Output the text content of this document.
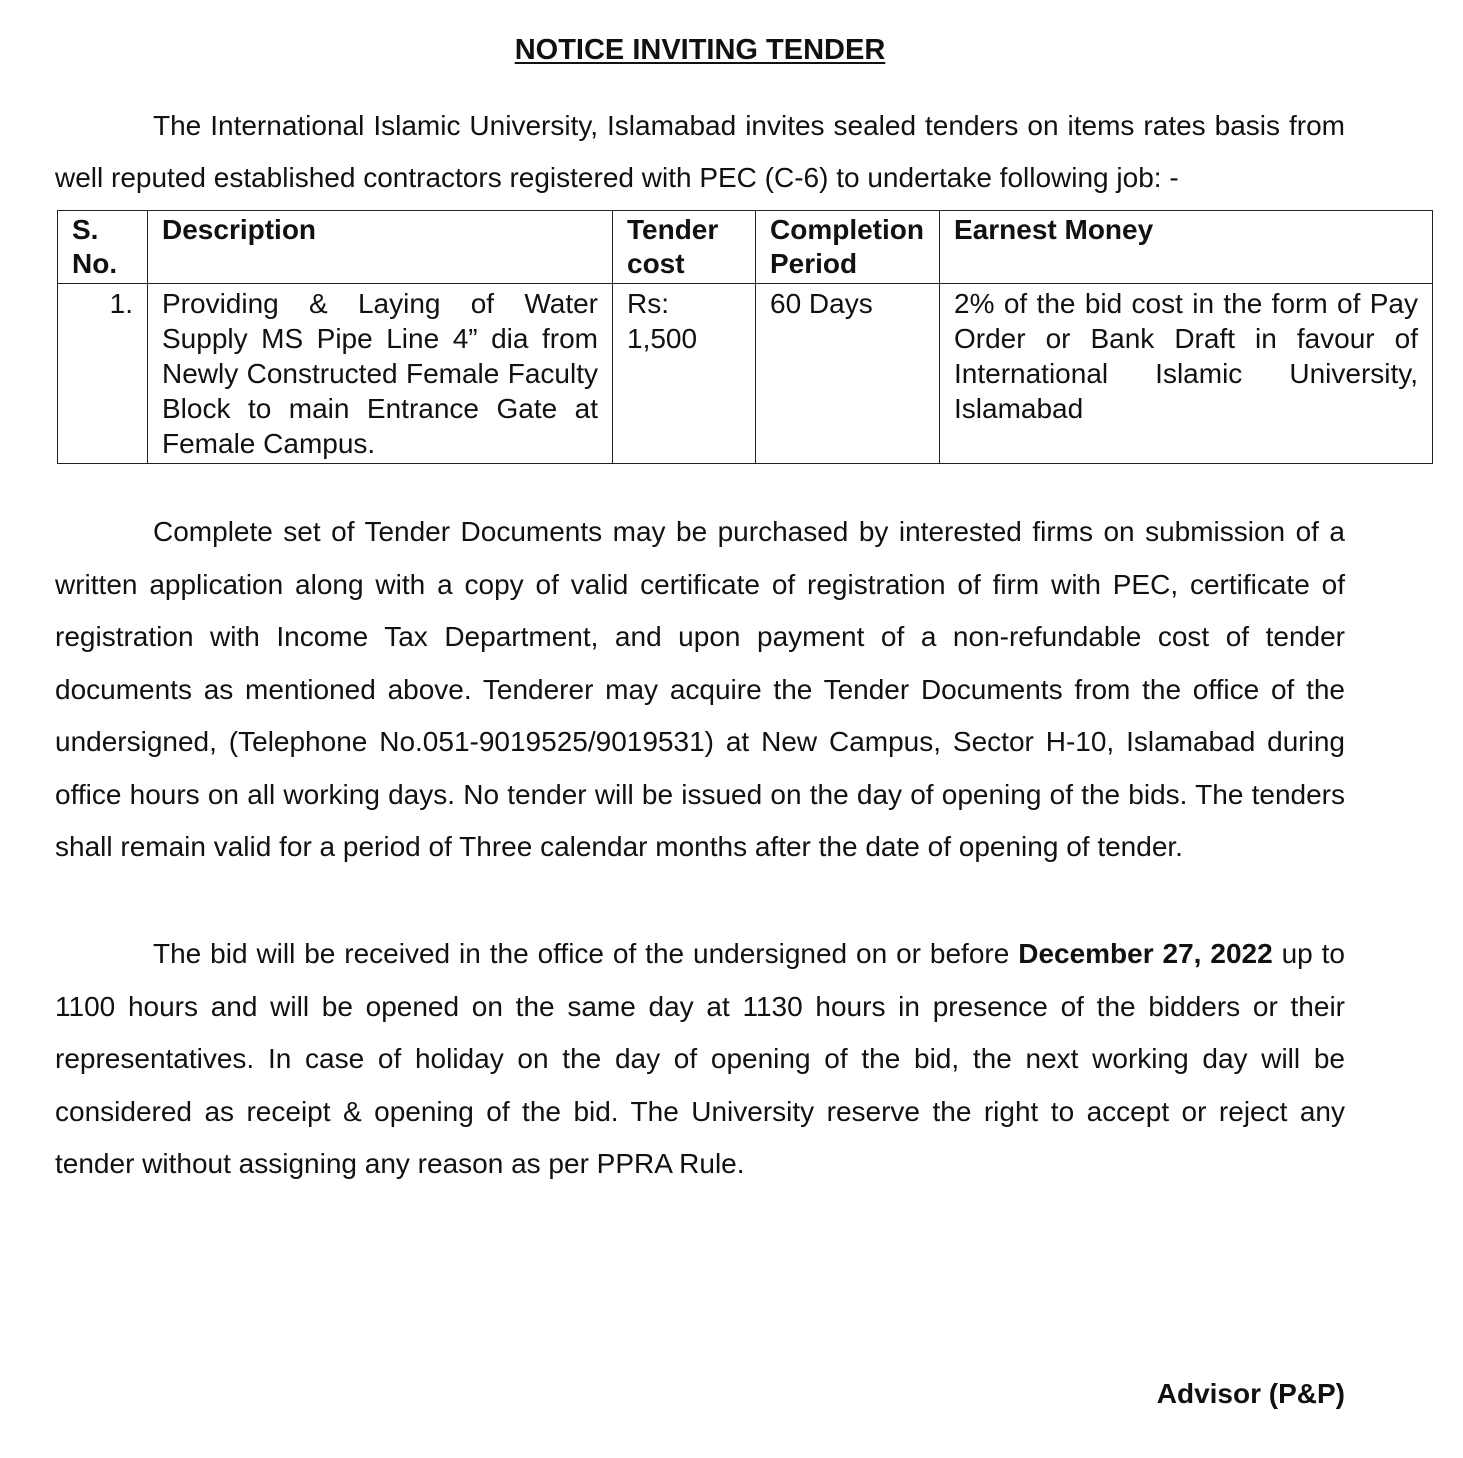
NOTICE INVITING TENDER

The International Islamic University, Islamabad invites sealed tenders on items rates basis from well reputed established contractors registered with PEC (C-6) to undertake following job: -

S. No.	Description	Tender cost	Completion Period	Earnest Money
1.	Providing & Laying of Water Supply MS Pipe Line 4” dia from Newly Constructed Female Faculty Block to main Entrance Gate at Female Campus.	Rs: 1,500	60 Days	2% of the bid cost in the form of Pay Order or Bank Draft in favour of International Islamic University, Islamabad

Complete set of Tender Documents may be purchased by interested firms on submission of a written application along with a copy of valid certificate of registration of firm with PEC, certificate of registration with Income Tax Department, and upon payment of a non-refundable cost of tender documents as mentioned above. Tenderer may acquire the Tender Documents from the office of the undersigned, (Telephone No.051-9019525/9019531) at New Campus, Sector H-10, Islamabad during office hours on all working days. No tender will be issued on the day of opening of the bids. The tenders shall remain valid for a period of Three calendar months after the date of opening of tender.

The bid will be received in the office of the undersigned on or before December 27, 2022 up to 1100 hours and will be opened on the same day at 1130 hours in presence of the bidders or their representatives. In case of holiday on the day of opening of the bid, the next working day will be considered as receipt & opening of the bid. The University reserve the right to accept or reject any tender without assigning any reason as per PPRA Rule.

Advisor (P&P)
